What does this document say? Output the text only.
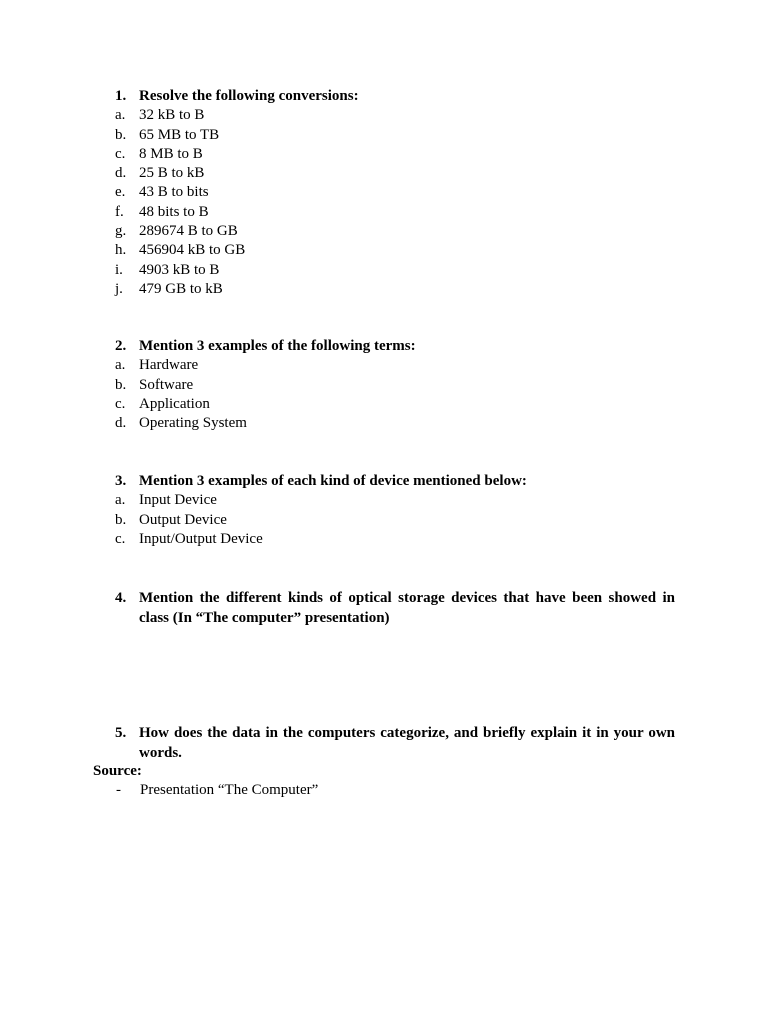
1. Resolve the following conversions:
a. 32 kB to B
b. 65 MB to TB
c. 8 MB to B
d. 25 B to kB
e. 43 B to bits
f.	48 bits to B
g. 289674 B to GB
h. 456904 kB to GB
i.	4903 kB to B
j.	479 GB to kB
2. Mention 3 examples of the following terms:
a. Hardware
b. Software
c. Application
d. Operating System
3. Mention 3 examples of each kind of device mentioned below:
a. Input Device
b. Output Device
c. Input/Output Device
4. Mention the different kinds of optical storage devices that have been showed in class (In “The computer” presentation)
5. How does the data in the computers categorize, and briefly explain it in your own words.
Source:
-	Presentation “The Computer”
